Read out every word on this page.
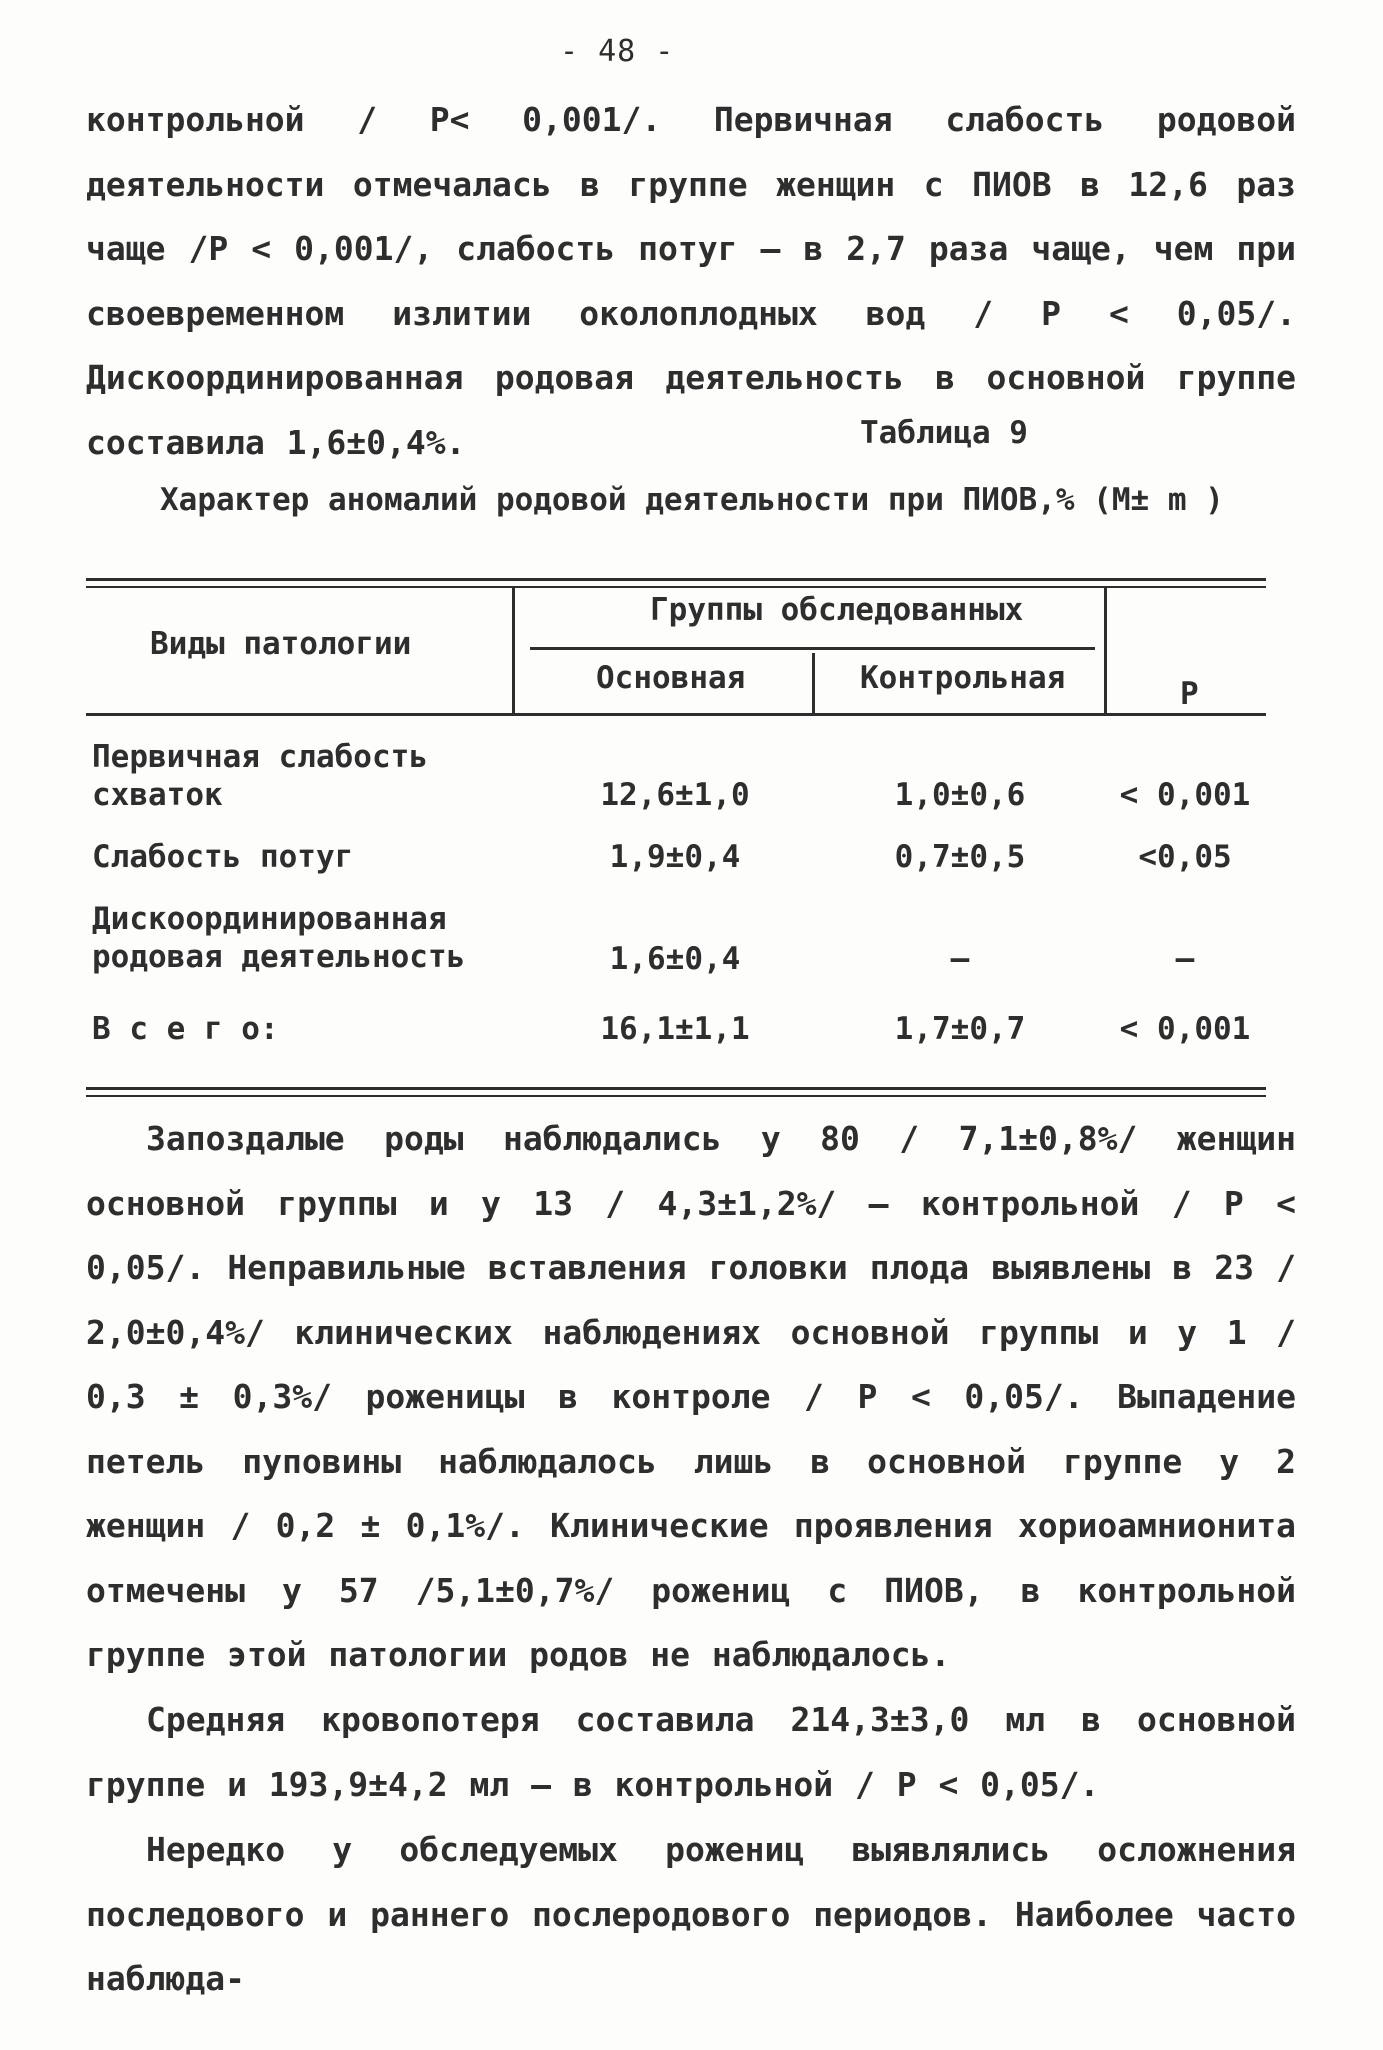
- 48 -

контрольной / Р< 0,001/. Первичная слабость родовой деятельности отмечалась в группе женщин с ПИОВ в 12,6 раз чаще /Р < 0,001/, слабость потуг – в 2,7 раза чаще, чем при своевременном излитии околоплодных вод / Р < 0,05/. Дискоординированная родовая деятельность в основной группе составила 1,6±0,4%.	Таблица 9
Характер аномалий родовой деятельности при ПИОВ,% (М± m )
Виды патологии
Группы обследованных
Основная	Контрольная	Р
Первичная слабость схваток	12,6±1,0	1,0±0,6	< 0,001
Слабость потуг	1,9±0,4	0,7±0,5	<0,05
Дискоординированная родовая деятельность	1,6±0,4	–	–
В с е г о:	16,1±1,1	1,7±0,7	< 0,001

Запоздалые роды наблюдались у 80 / 7,1±0,8%/ женщин основной группы и у 13 / 4,3±1,2%/ – контрольной / Р < 0,05/. Неправильные вставления головки плода выявлены в 23 / 2,0±0,4%/ клинических наблюдениях основной группы и у 1 / 0,3 ± 0,3%/ роженицы в контроле / Р < 0,05/. Выпадение петель пуповины наблюдалось лишь в основной группе у 2 женщин / 0,2 ± 0,1%/. Клинические проявления хориоамнионита отмечены у 57 /5,1±0,7%/ рожениц с ПИОВ, в контрольной группе этой патологии родов не наблюдалось.

Средняя кровопотеря составила 214,3±3,0 мл в основной группе и 193,9±4,2 мл – в контрольной / Р < 0,05/.

Нередко у обследуемых рожениц выявлялись осложнения последового и раннего послеродового периодов. Наиболее часто наблюда-
